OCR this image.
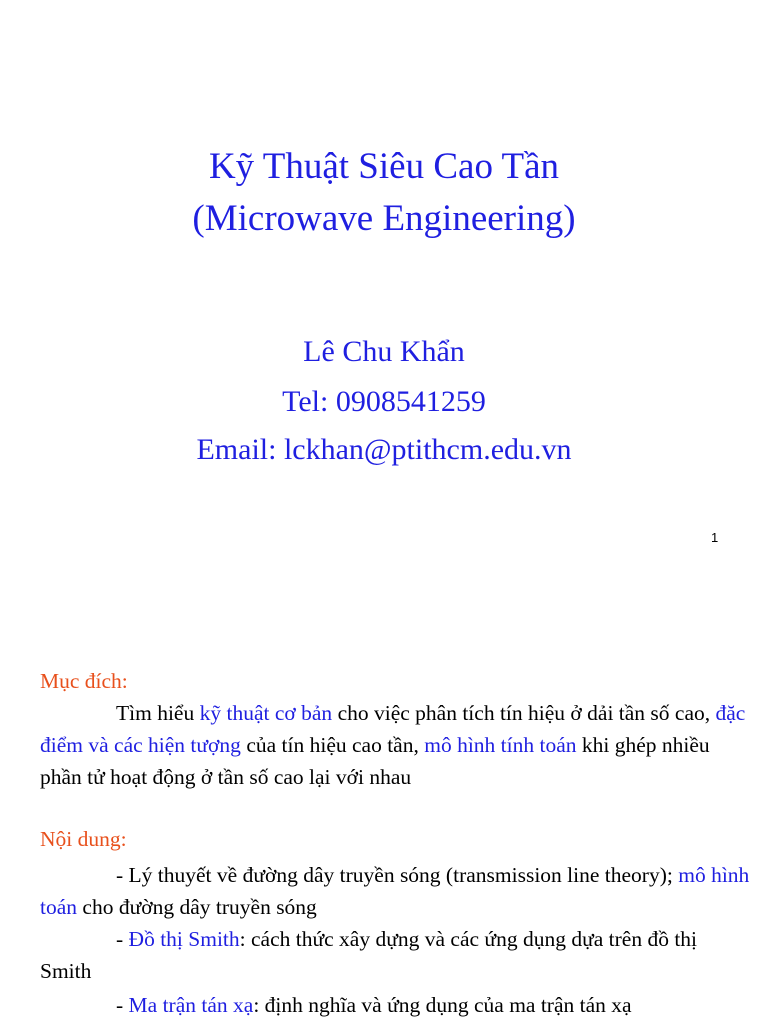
Kỹ Thuật Siêu Cao Tần
(Microwave Engineering)
Lê Chu Khẩn
Tel: 0908541259
Email: lckhan@ptithcm.edu.vn
1
Mục đích:
Tìm hiểu kỹ thuật cơ bản cho việc phân tích tín hiệu ở dải tần số cao, đặc điểm và các hiện tượng của tín hiệu cao tần, mô hình tính toán khi ghép nhiều phần tử hoạt động ở tần số cao lại với nhau
Nội dung:
- Lý thuyết về đường dây truyền sóng (transmission line theory); mô hình toán cho đường dây truyền sóng
- Đồ thị Smith: cách thức xây dựng và các ứng dụng dựa trên đồ thị Smith
- Ma trận tán xạ: định nghĩa và ứng dụng của ma trận tán xạ
